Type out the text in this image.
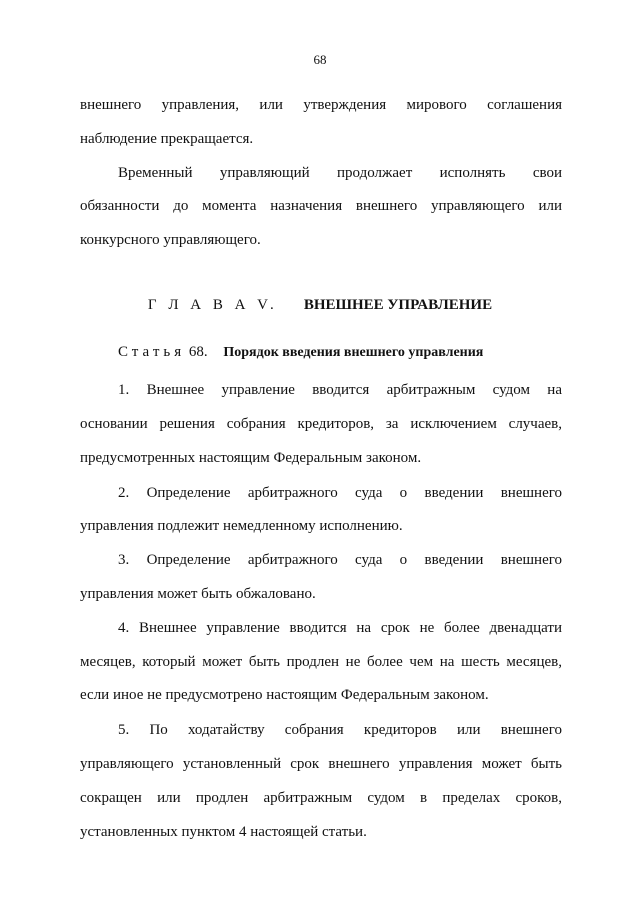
68
внешнего управления, или утверждения мирового соглашения
наблюдение прекращается.
Временный управляющий продолжает исполнять свои
обязанности до момента назначения внешнего управляющего или
конкурсного управляющего.
Г Л А В А V. ВНЕШНЕЕ УПРАВЛЕНИЕ
Статья 68. Порядок введения внешнего управления
1. Внешнее управление вводится арбитражным судом на
основании решения собрания кредиторов, за исключением случаев,
предусмотренных настоящим Федеральным законом.
2. Определение арбитражного суда о введении внешнего
управления подлежит немедленному исполнению.
3. Определение арбитражного суда о введении внешнего
управления может быть обжаловано.
4. Внешнее управление вводится на срок не более двенадцати
месяцев, который может быть продлен не более чем на шесть месяцев,
если иное не предусмотрено настоящим Федеральным законом.
5. По ходатайству собрания кредиторов или внешнего
управляющего установленный срок внешнего управления может быть
сокращен или продлен арбитражным судом в пределах сроков,
установленных пунктом 4 настоящей статьи.
